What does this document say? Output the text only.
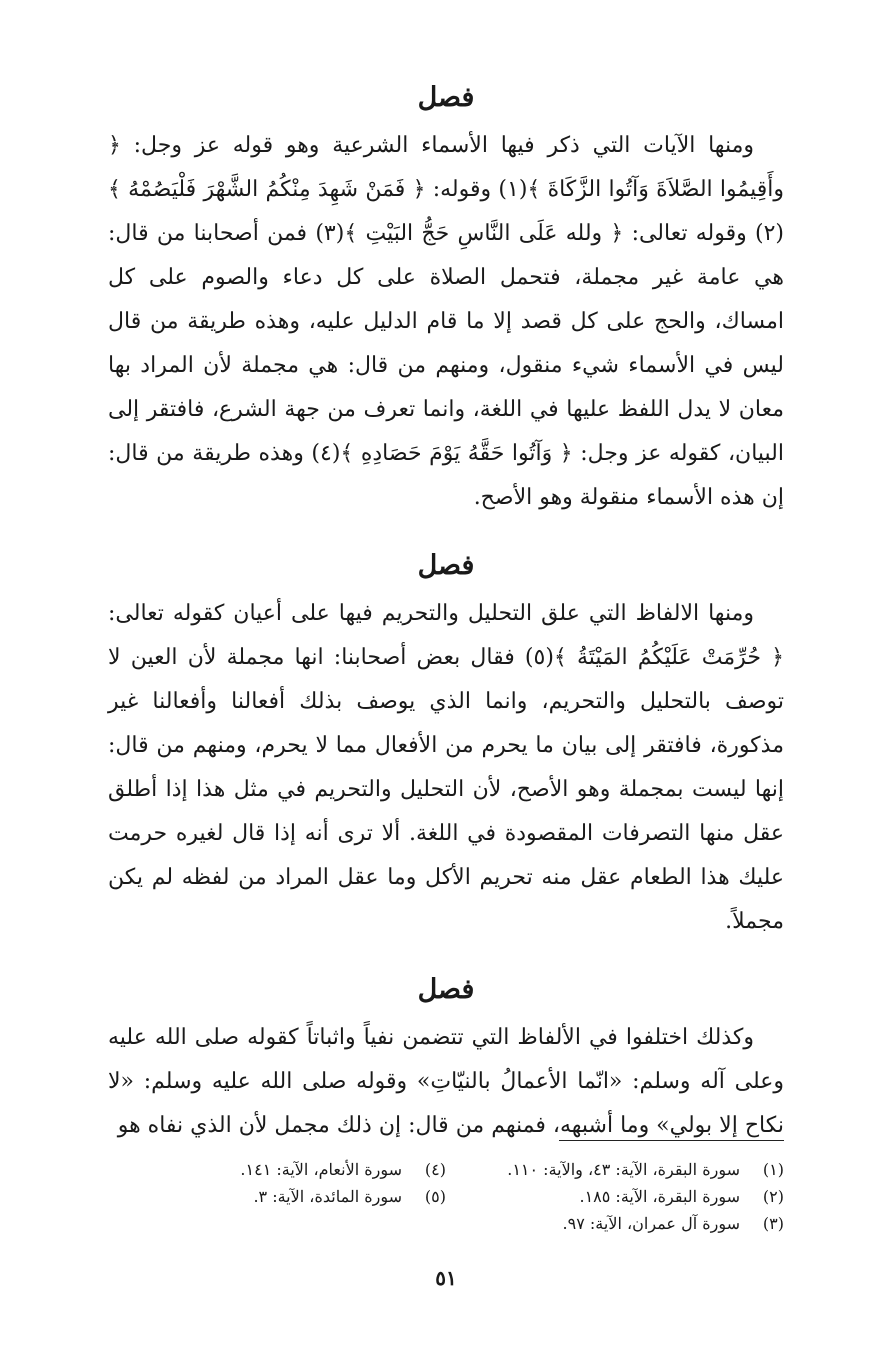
فصل

ومنها الآيات التي ذكر فيها الأسماء الشرعية وهو قوله عز وجل: ﴿ وأَقِيمُوا الصَّلاَةَ وَآتُوا الزَّكَاةَ ﴾(١) وقوله: ﴿ فَمَنْ شَهِدَ مِنْكُمُ الشَّهْرَ فَلْيَصُمْهُ ﴾(٢) وقوله تعالى: ﴿ ولله عَلَى النَّاسِ حَجُّ البَيْتِ ﴾(٣) فمن أصحابنا من قال: هي عامة غير مجملة، فتحمل الصلاة على كل دعاء والصوم على كل امساك، والحج على كل قصد إلا ما قام الدليل عليه، وهذه طريقة من قال ليس في الأسماء شيء منقول، ومنهم من قال: هي مجملة لأن المراد بها معان لا يدل اللفظ عليها في اللغة، وانما تعرف من جهة الشرع، فافتقر إلى البيان، كقوله عز وجل: ﴿ وَآتُوا حَقَّهُ يَوْمَ حَصَادِهِ ﴾(٤) وهذه طريقة من قال: إن هذه الأسماء منقولة وهو الأصح.

فصل

ومنها الالفاظ التي علق التحليل والتحريم فيها على أعيان كقوله تعالى: ﴿ حُرِّمَتْ عَلَيْكُمُ المَيْتَةُ ﴾(٥) فقال بعض أصحابنا: انها مجملة لأن العين لا توصف بالتحليل والتحريم، وانما الذي يوصف بذلك أفعالنا وأفعالنا غير مذكورة، فافتقر إلى بيان ما يحرم من الأفعال مما لا يحرم، ومنهم من قال: إنها ليست بمجملة وهو الأصح، لأن التحليل والتحريم في مثل هذا إذا أطلق عقل منها التصرفات المقصودة في اللغة. ألا ترى أنه إذا قال لغيره حرمت عليك هذا الطعام عقل منه تحريم الأكل وما عقل المراد من لفظه لم يكن مجملاً.

فصل

وكذلك اختلفوا في الألفاظ التي تتضمن نفياً واثباتاً كقوله صلى الله عليه وعلى آله وسلم: «انّما الأعمالُ بالنيّاتِ» وقوله صلى الله عليه وسلم: «لا نكاح إلا بولي» وما أشبهه، فمنهم من قال: إن ذلك مجمل لأن الذي نفاه هو

(١)
سورة البقرة، الآية: ٤٣، والآية: ١١٠.
(٤)
سورة الأنعام، الآية: ١٤١.
(٢)
سورة البقرة، الآية: ١٨٥.
(٥)
سورة المائدة، الآية: ٣.
(٣)
سورة آل عمران، الآية: ٩٧.
٥١
